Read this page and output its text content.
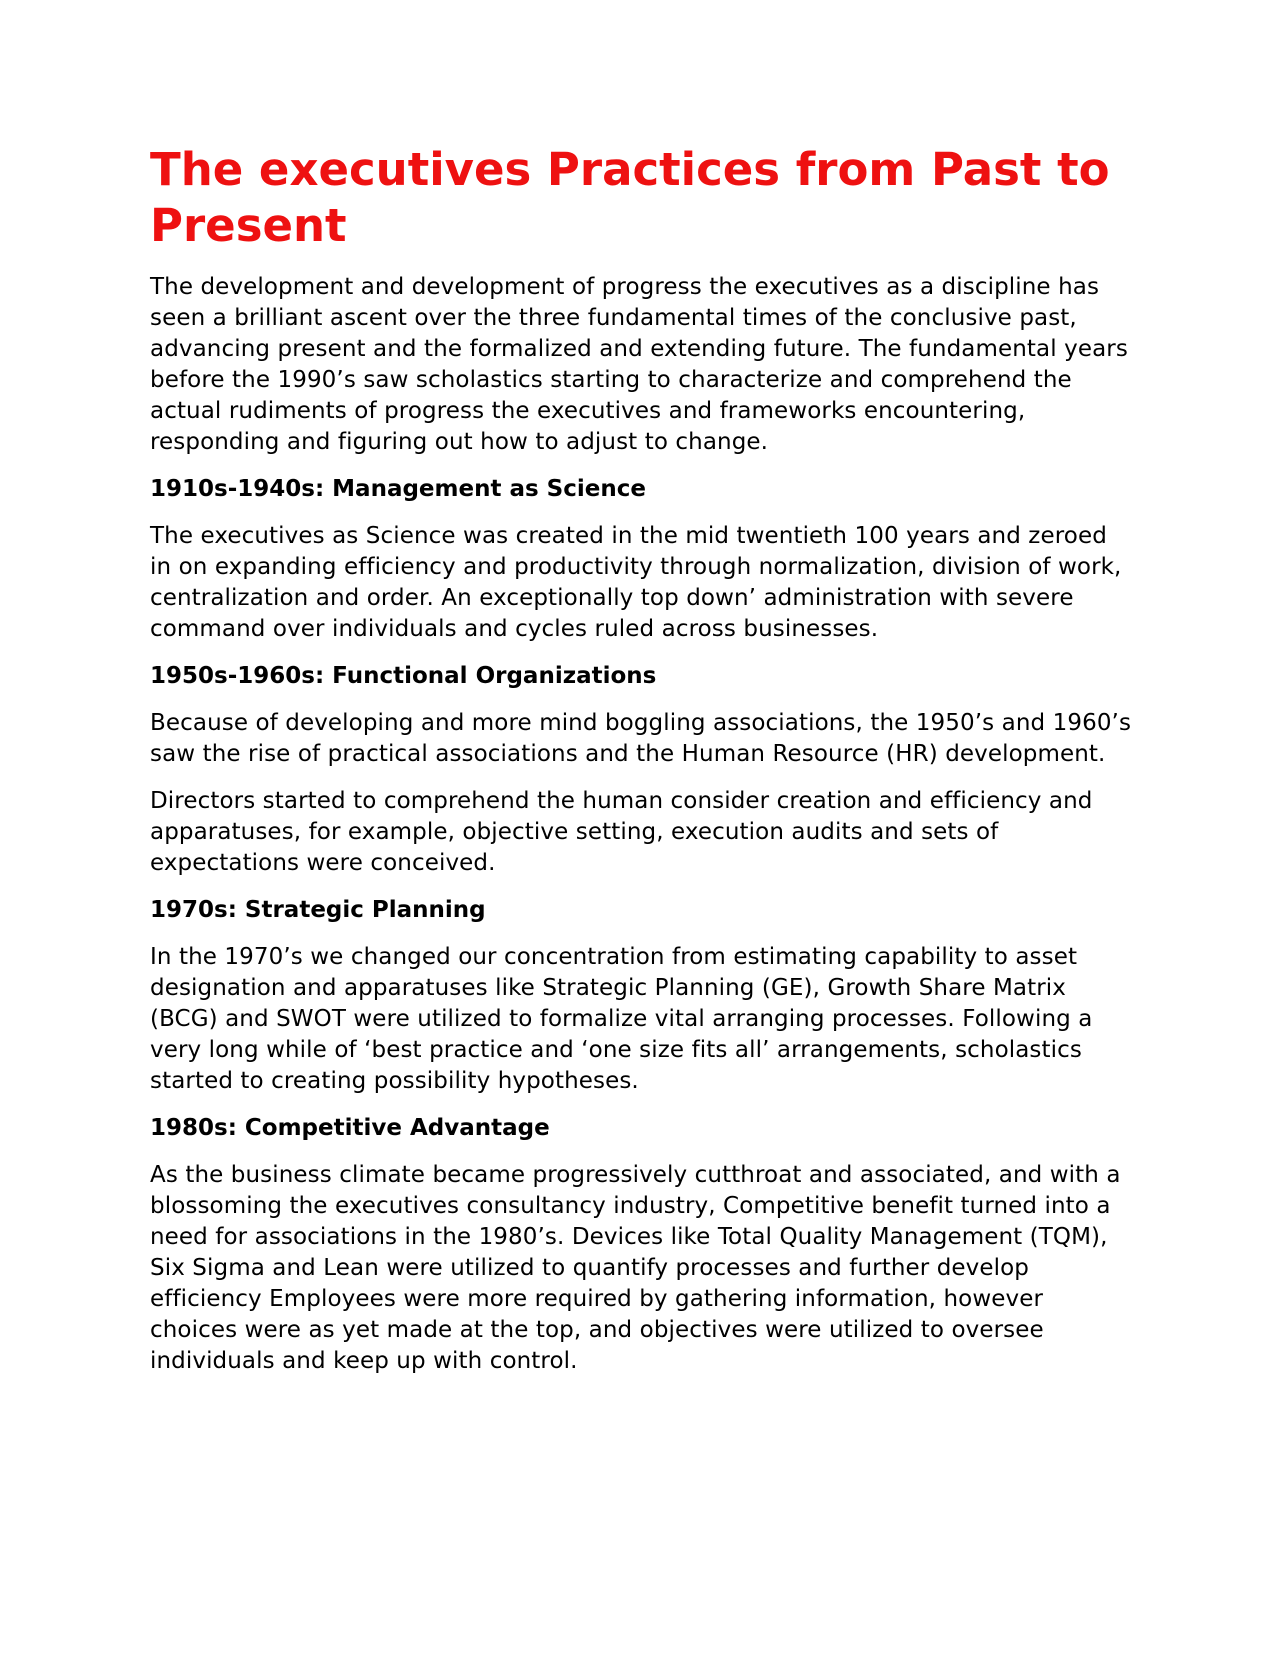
The executives Practices from Past to Present

The development and development of progress the executives as a discipline has seen a brilliant ascent over the three fundamental times of the conclusive past, advancing present and the formalized and extending future. The fundamental years before the 1990’s saw scholastics starting to characterize and comprehend the actual rudiments of progress the executives and frameworks encountering, responding and figuring out how to adjust to change.

1910s-1940s: Management as Science

The executives as Science was created in the mid twentieth 100 years and zeroed in on expanding efficiency and productivity through normalization, division of work, centralization and order. An exceptionally top down’ administration with severe command over individuals and cycles ruled across businesses.

1950s-1960s: Functional Organizations

Because of developing and more mind boggling associations, the 1950’s and 1960’s saw the rise of practical associations and the Human Resource (HR) development.

Directors started to comprehend the human consider creation and efficiency and apparatuses, for example, objective setting, execution audits and sets of expectations were conceived.

1970s: Strategic Planning

In the 1970’s we changed our concentration from estimating capability to asset designation and apparatuses like Strategic Planning (GE), Growth Share Matrix (BCG) and SWOT were utilized to formalize vital arranging processes. Following a very long while of ‘best practice and ‘one size fits all’ arrangements, scholastics started to creating possibility hypotheses.

1980s: Competitive Advantage

As the business climate became progressively cutthroat and associated, and with a blossoming the executives consultancy industry, Competitive benefit turned into a need for associations in the 1980’s. Devices like Total Quality Management (TQM), Six Sigma and Lean were utilized to quantify processes and further develop efficiency Employees were more required by gathering information, however choices were as yet made at the top, and objectives were utilized to oversee individuals and keep up with control.
